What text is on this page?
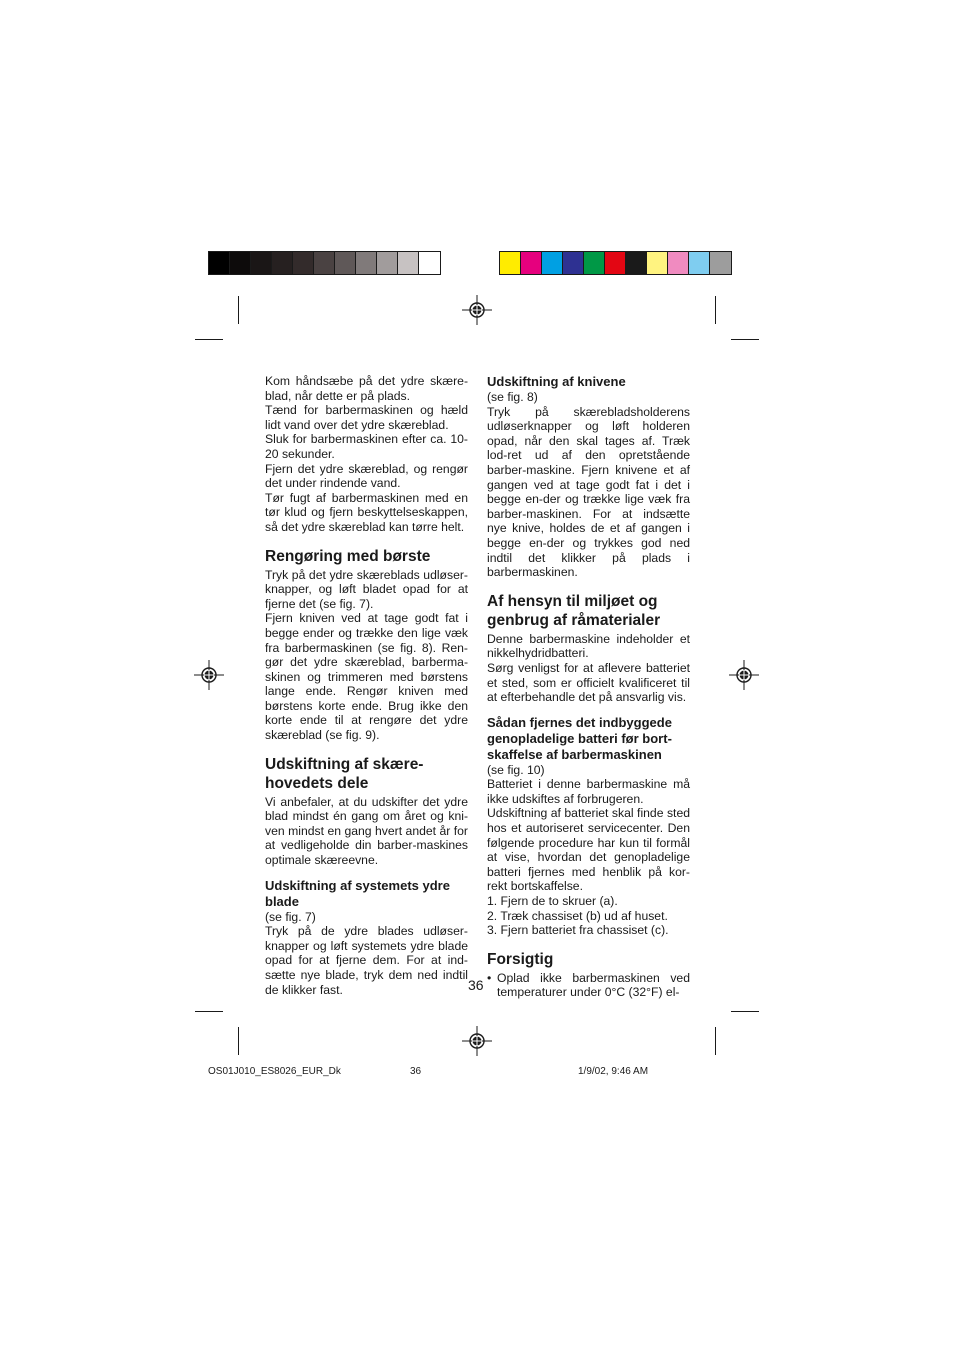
Kom håndsæbe på det ydre skære-blad, når dette er på plads.

Tænd for barbermaskinen og hæld lidt vand over det ydre skæreblad.

Sluk for barbermaskinen efter ca. 10-20 sekunder.

Fjern det ydre skæreblad, og rengør det under rindende vand.

Tør fugt af barbermaskinen med en tør klud og fjern beskyttelseskappen, så det ydre skæreblad kan tørre helt.

Rengøring med børste

Tryk på det ydre skæreblads udløser-knapper, og løft bladet opad for at fjerne det (se fig. 7).

Fjern kniven ved at tage godt fat i begge ender og trække den lige væk fra barbermaskinen (se fig. 8). Ren-gør det ydre skæreblad, barberma-skinen og trimmeren med børstens lange ende. Rengør kniven med børstens korte ende. Brug ikke den korte ende til at rengøre det ydre skæreblad (se fig. 9).

Udskiftning af skære-hovedets dele

Vi anbefaler, at du udskifter det ydre blad mindst én gang om året og kni-ven mindst en gang hvert andet år for at vedligeholde din barber-maskines optimale skæreevne.

Udskiftning af systemets ydre blade

(se fig. 7)

Tryk på de ydre blades udløser-knapper og løft systemets ydre blade opad for at fjerne dem. For at ind-sætte nye blade, tryk dem ned indtil de klikker fast.

Udskiftning af knivene

(se fig. 8)

Tryk på skærebladsholderens udløserknapper og løft holderen opad, når den skal tages af. Træk lod-ret ud af den opretstående barber-maskine. Fjern knivene et af gangen ved at tage godt fat i det i begge en-der og trække lige væk fra barber-maskinen. For at indsætte nye knive, holdes de et af gangen i begge en-der og trykkes god ned indtil det klikker på plads i barbermaskinen.

Af hensyn til miljøet og genbrug af råmaterialer

Denne barbermaskine indeholder et nikkelhydridbatteri.

Sørg venligst for at aflevere batteriet et sted, som er officielt kvalificeret til at efterbehandle det på ansvarlig vis.

Sådan fjernes det indbyggede genopladelige batteri før bort-skaffelse af barbermaskinen

(se fig. 10)

Batteriet i denne barbermaskine må ikke udskiftes af forbrugeren.

Udskiftning af batteriet skal finde sted hos et autoriseret servicecenter. Den følgende procedure har kun til formål at vise, hvordan det genopladelige batteri fjernes med henblik på kor-rekt bortskaffelse.

1. Fjern de to skruer (a).
2. Træk chassiset (b) ud af huset.
3. Fjern batteriet fra chassiset (c).
Forsigtig
• Oplad ikke barbermaskinen ved temperaturer under 0°C (32°F) el-
36
OS01J010_ES8026_EUR_Dk	36	1/9/02, 9:46 AM
